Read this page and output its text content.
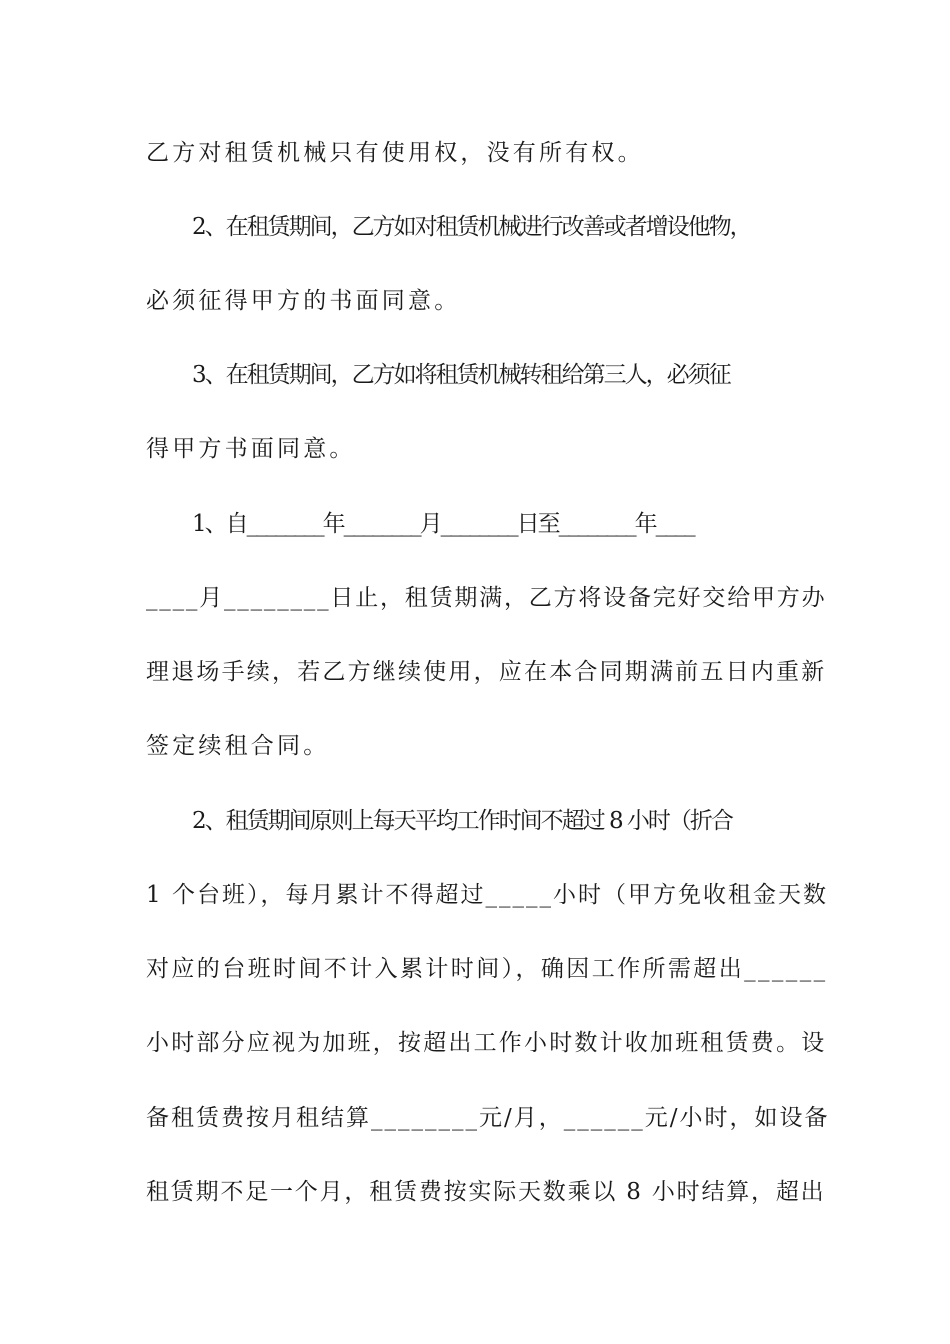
乙方对租赁机械只有使用权，没有所有权。
2、在租赁期间，乙方如对租赁机械进行改善或者增设他物，
必须征得甲方的书面同意。
3、在租赁期间，乙方如将租赁机械转租给第三人，必须征
得甲方书面同意。
1、自________年________月________日至________年____
____月________日止，租赁期满，乙方将设备完好交给甲方办
理退场手续，若乙方继续使用，应在本合同期满前五日内重新
签定续租合同。
2、租赁期间原则上每天平均工作时间不超过 8 小时（折合
1 个台班），每月累计不得超过_____小时（甲方免收租金天数
对应的台班时间不计入累计时间），确因工作所需超出______
小时部分应视为加班，按超出工作小时数计收加班租赁费。设
备租赁费按月租结算________元/月，______元/小时，如设备
租赁期不足一个月，租赁费按实际天数乘以 8 小时结算，超出
